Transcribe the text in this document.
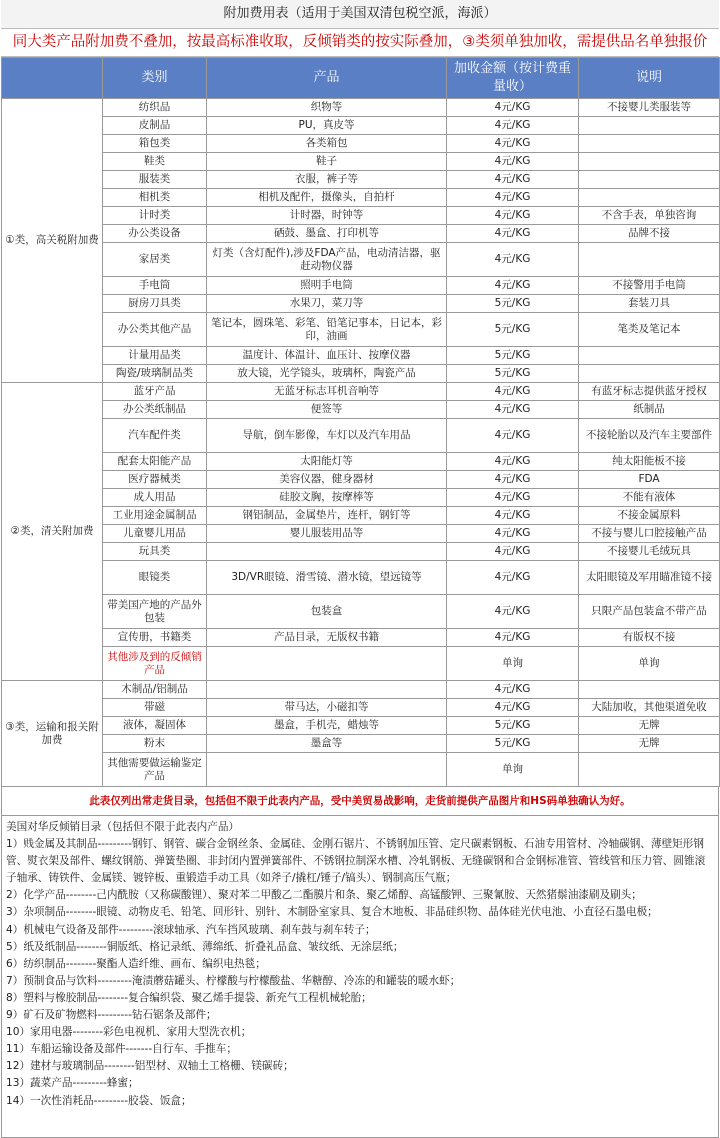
附加费用表（适用于美国双清包税空派，海派）
同大类产品附加费不叠加，按最高标准收取，反倾销类的按实际叠加，③类须单独加收，需提供品名单独报价
	类别	产品	加收金额（按计费重量收）	说明
①类，高关税附加费	纺织品	织物等	4元/KG	不接婴儿类服装等
	皮制品	PU，真皮等	4元/KG	
	箱包类	各类箱包	4元/KG	
	鞋类	鞋子	4元/KG	
	服装类	衣服，裤子等	4元/KG	
	相机类	相机及配件，摄像头，自拍杆	4元/KG	
	计时类	计时器，时钟等	4元/KG	不含手表，单独咨询
	办公类设备	硒鼓、墨盒、打印机等	4元/KG	品牌不接
	家居类	灯类（含灯配件),涉及FDA产品，电动清洁器，驱赶动物仪器	4元/KG	
	手电筒	照明手电筒	4元/KG	不接警用手电筒
	厨房刀具类	水果刀，菜刀等	5元/KG	套装刀具
	办公类其他产品	笔记本，圆珠笔、彩笔、铅笔记事本，日记本，彩印，油画	5元/KG	笔类及笔记本
	计量用品类	温度计、体温计、血压计、按摩仪器	5元/KG	
	陶瓷/玻璃制品类	放大镜，光学镜头，玻璃杯，陶瓷产品	5元/KG	
②类，清关附加费	蓝牙产品	无蓝牙标志耳机音响等	4元/KG	有蓝牙标志提供蓝牙授权
	办公类纸制品	便签等	4元/KG	纸制品
	汽车配件类	导航，倒车影像，车灯以及汽车用品	4元/KG	不接轮胎以及汽车主要部件
	配套太阳能产品	太阳能灯等	4元/KG	纯太阳能板不接
	医疗器械类	美容仪器，健身器材	4元/KG	FDA
	成人用品	硅胶文胸，按摩棒等	4元/KG	不能有液体
	工业用途金属制品	钢铝制品，金属垫片，连杆，钢钉等	4元/KG	不接金属原料
	儿童婴儿用品	婴儿服装用品等	4元/KG	不接与婴儿口腔接触产品
	玩具类		4元/KG	不接婴儿毛绒玩具
	眼镜类	3D/VR眼镜、滑雪镜、潜水镜，望远镜等	4元/KG	太阳眼镜及军用瞄准镜不接
	带美国产地的产品外包装	包装盒	4元/KG	只限产品包装盒不带产品
	宣传册，书籍类	产品目录，无版权书籍	4元/KG	有版权不接
	其他涉及到的反倾销产品		单询	单询
③类，运输和报关附加费	木制品/铝制品		4元/KG	
	带磁	带马达，小磁扣等	4元/KG	大陆加收，其他渠道免收
	液体，凝固体	墨盒，手机壳，蜡烛等	5元/KG	无牌
	粉末	墨盒等	5元/KG	无牌
	其他需要做运输鉴定产品		单询	
此表仅列出常走货目录，包括但不限于此表内产品，受中美贸易战影响，走货前提供产品图片和HS码单独确认为好。
美国对华反倾销目录（包括但不限于此表内产品）
1）贱金属及其制品---------钢钉、钢管、碳合金钢丝条、金属硅、金刚石锯片、不锈钢加压管、定尺碳素钢板、石油专用管材、冷轴碳钢、薄壁矩形钢管、熨衣架及部件、螺纹钢筋、弹簧垫圈、非封闭内置弹簧部件、不锈钢拉制深水槽、冷轧钢板、无缝碳钢和合金钢标准管、管线管和压力管、圆锥滚子轴承、铸铁件、金属镁、镀锌板、重锻造手动工具（如斧子/撬杠/锤子/镐头）、钢制高压气瓶；
2）化学产品--------己内酰胺（又称碳酸锂）、聚对苯二甲酸乙二酯膜片和条、聚乙烯醇、高锰酸钾、三聚氰胺、天然猪鬃油漆刷及刷头；
3）杂项制品--------眼镜、动物皮毛、铅笔、回形针、别针、木制卧室家具、复合木地板、非晶硅织物、晶体硅光伏电池、小直径石墨电极；
4）机械电气设备及部件---------滚球轴承、汽车挡风玻璃、刹车鼓与刹车转子；
5）纸及纸制品--------铜版纸、格记录纸、薄绵纸、折叠礼品盒、皱纹纸、无涂层纸；
6）纺织制品--------聚酯人造纤维、画布、编织电热毯；
7）预制食品与饮料---------淹渍蘑菇罐头、柠檬酸与柠檬酸盐、华糖醇、冷冻的和罐装的暖水虾；
8）塑料与橡胶制品--------复合编织袋、聚乙烯手提袋、新充气工程机械轮胎；
9）矿石及矿物燃料---------钻石锯条及部件；
10）家用电器--------彩色电视机、家用大型洗衣机；
11）车船运输设备及部件-------自行车、手推车；
12）建材与玻璃制品--------铝型材、双轴土工格栅、镁碳砖；
13）蔬菜产品---------蜂蜜；
14）一次性消耗品---------胶袋、饭盒；
